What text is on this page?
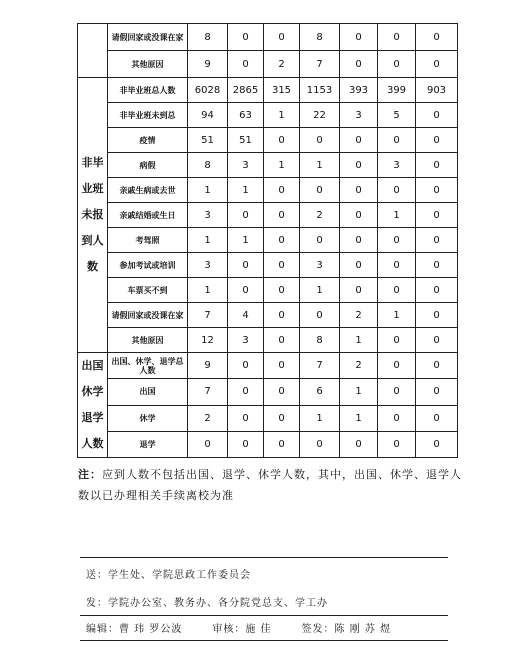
	请假回家或没课在家	8	0	0	8	0	0	0
	其他原因	9	0	2	7	0	0	0
非毕业班未报到人数	非毕业班总人数	6028	2865	315	1153	393	399	903
	非毕业班未到总	94	63	1	22	3	5	0
	疫情	51	51	0	0	0	0	0
	病假	8	3	1	1	0	3	0
	亲戚生病或去世	1	1	0	0	0	0	0
	亲戚结婚或生日	3	0	0	2	0	1	0
	考驾照	1	1	0	0	0	0	0
	参加考试或培训	3	0	0	3	0	0	0
	车票买不到	1	0	0	1	0	0	0
	请假回家或没课在家	7	4	0	0	2	1	0
	其他原因	12	3	0	8	1	0	0
出国休学退学人数	出国、休学、退学总人数	9	0	0	7	2	0	0
	出国	7	0	0	6	1	0	0
	休学	2	0	0	1	1	0	0
	退学	0	0	0	0	0	0	0
注：应到人数不包括出国、退学、休学人数，其中，出国、休学、退学人数以已办理相关手续离校为准
送：学生处、学院思政工作委员会
发：学院办公室、教务办、各分院党总支、学工办
编辑：曹 玮 罗公波	审核：施 佳	签发：陈 刚 苏 煜
